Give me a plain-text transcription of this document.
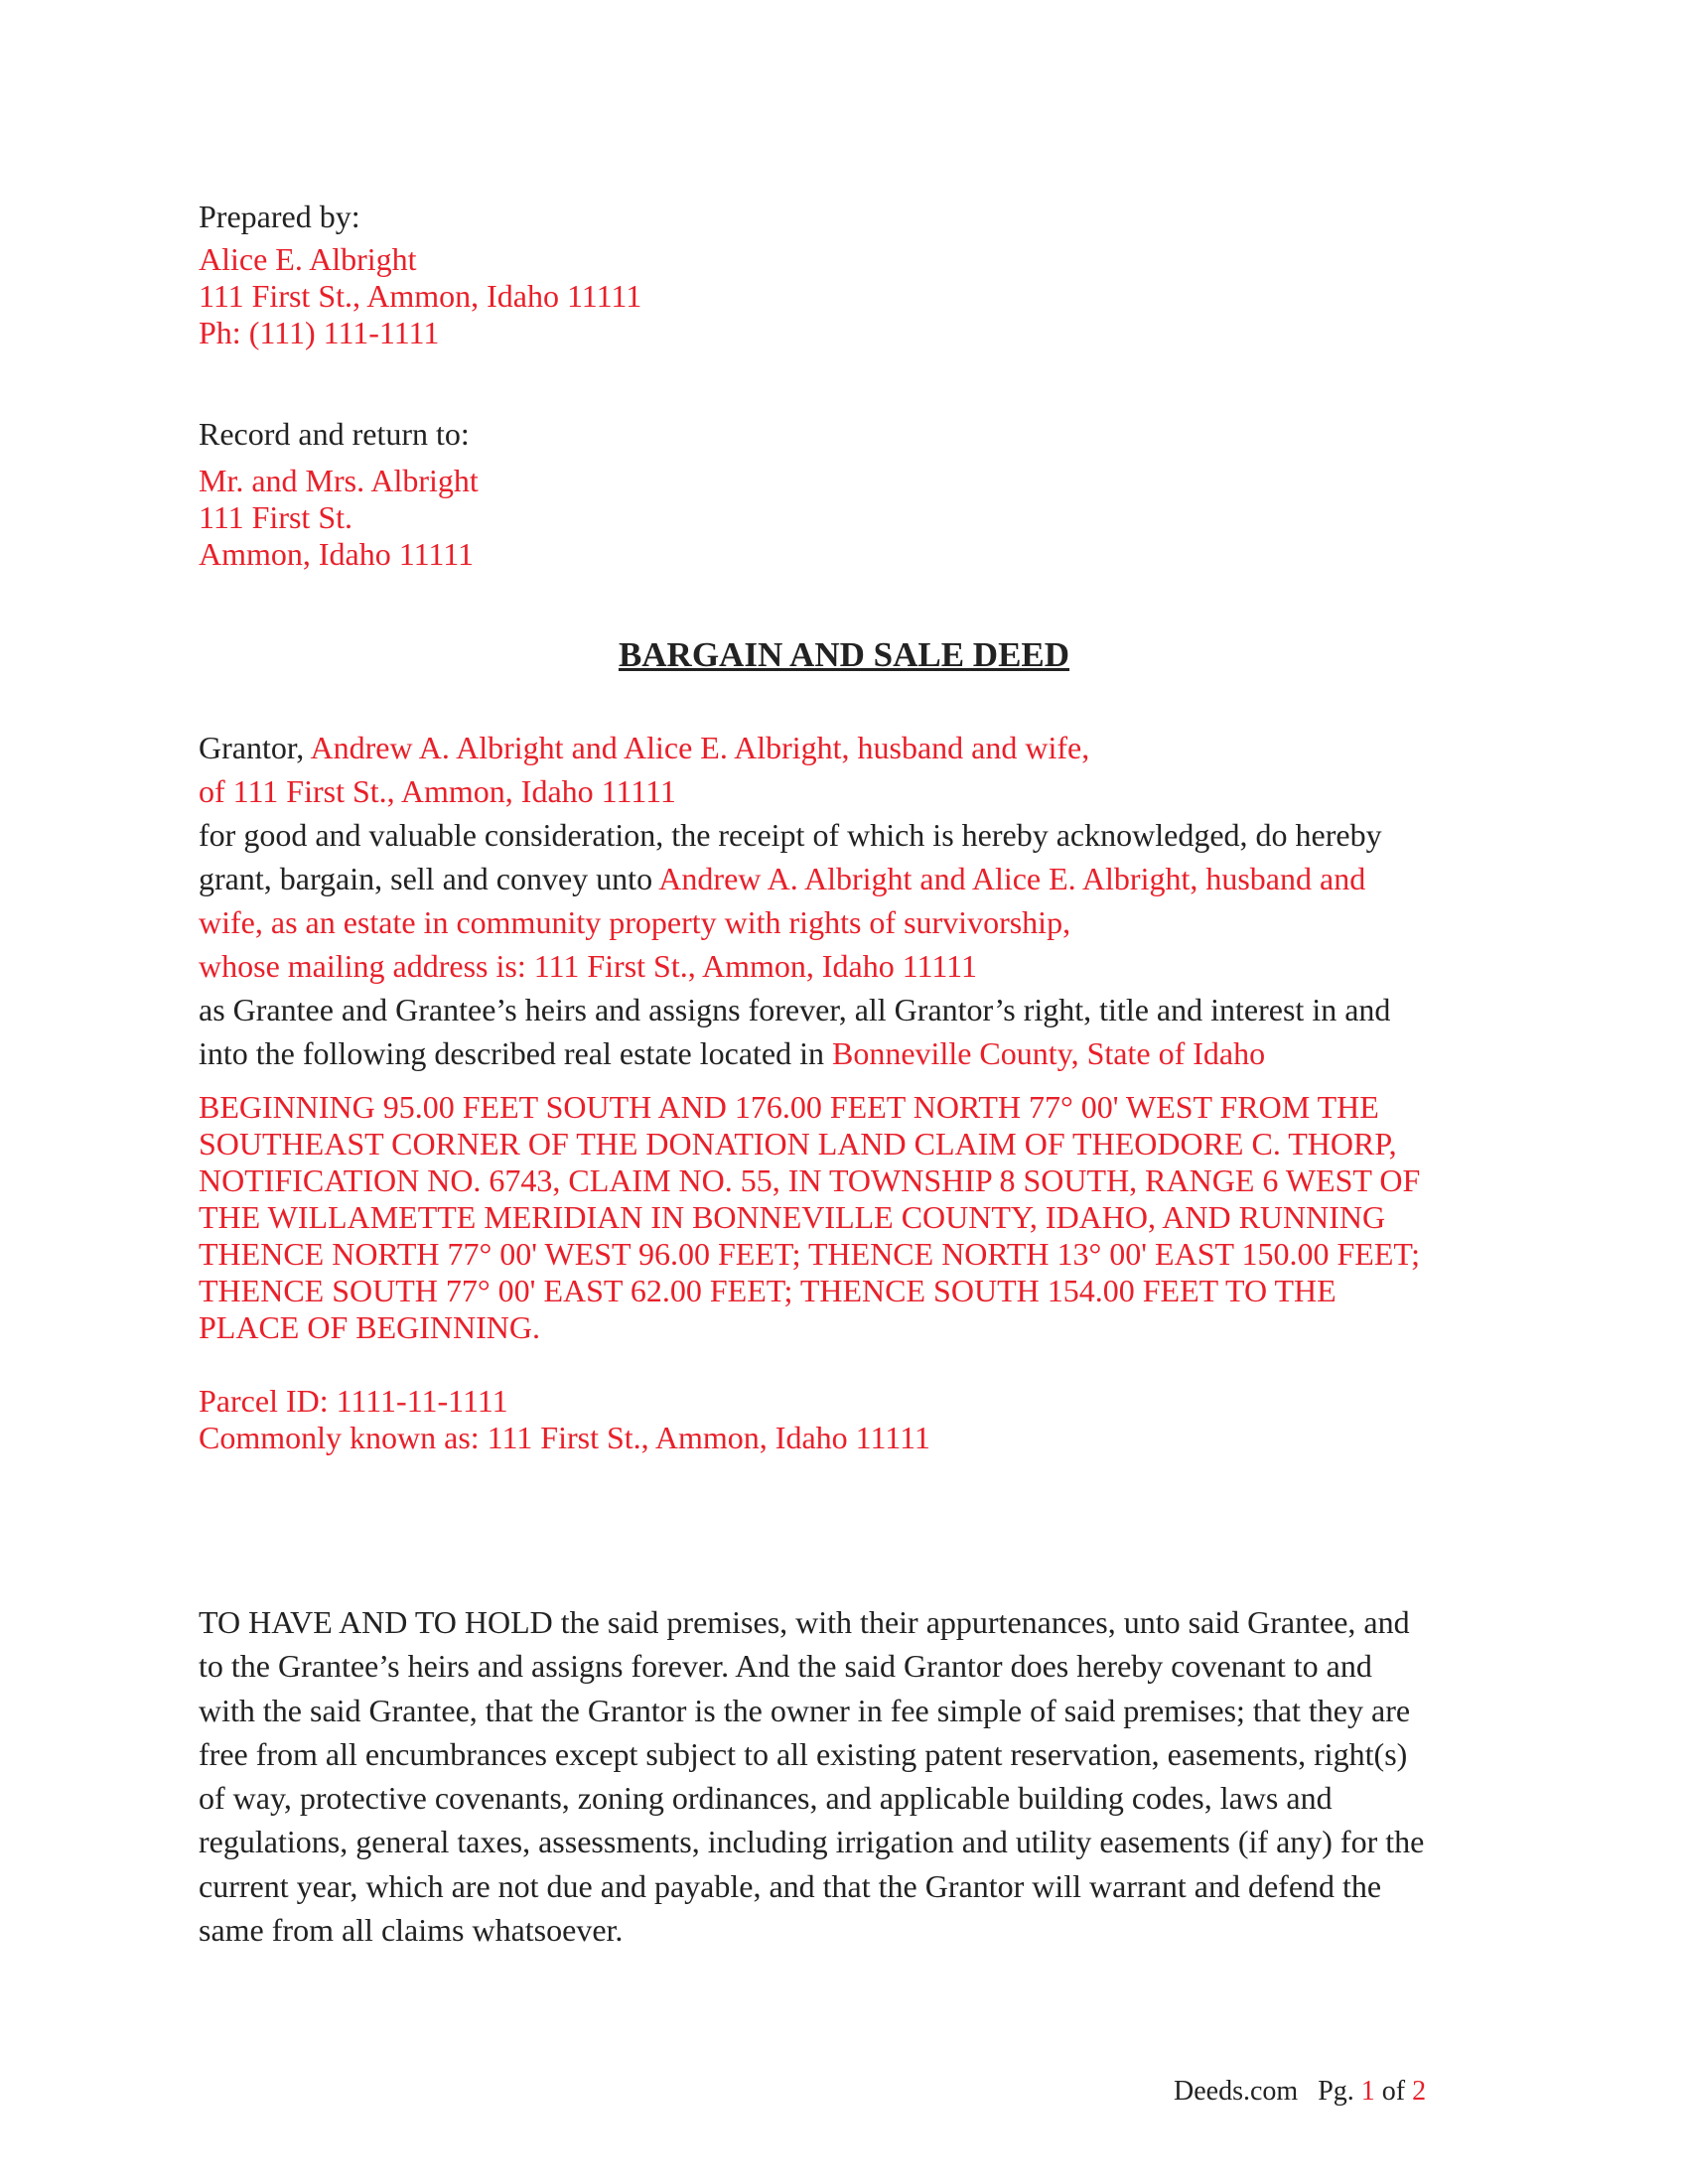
Prepared by:
Alice E. Albright
111 First St., Ammon, Idaho 11111
Ph: (111) 111-1111
Record and return to:
Mr. and Mrs. Albright
111 First St.
Ammon, Idaho 11111
BARGAIN AND SALE DEED
Grantor, Andrew A. Albright and Alice E. Albright, husband and wife,
of 111 First St., Ammon, Idaho 11111
for good and valuable consideration, the receipt of which is hereby acknowledged, do hereby
grant, bargain, sell and convey unto Andrew A. Albright and Alice E. Albright, husband and
wife, as an estate in community property with rights of survivorship,
whose mailing address is: 111 First St., Ammon, Idaho 11111
as Grantee and Grantee’s heirs and assigns forever, all Grantor’s right, title and interest in and
into the following described real estate located in Bonneville County, State of Idaho
BEGINNING 95.00 FEET SOUTH AND 176.00 FEET NORTH 77° 00' WEST FROM THE
SOUTHEAST CORNER OF THE DONATION LAND CLAIM OF THEODORE C. THORP,
NOTIFICATION NO. 6743, CLAIM NO. 55, IN TOWNSHIP 8 SOUTH, RANGE 6 WEST OF
THE WILLAMETTE MERIDIAN IN BONNEVILLE COUNTY, IDAHO, AND RUNNING
THENCE NORTH 77° 00' WEST 96.00 FEET; THENCE NORTH 13° 00' EAST 150.00 FEET;
THENCE SOUTH 77° 00' EAST 62.00 FEET; THENCE SOUTH 154.00 FEET TO THE
PLACE OF BEGINNING.
Parcel ID: 1111-11-1111
Commonly known as: 111 First St., Ammon, Idaho 11111
TO HAVE AND TO HOLD the said premises, with their appurtenances, unto said Grantee, and
to the Grantee’s heirs and assigns forever. And the said Grantor does hereby covenant to and
with the said Grantee, that the Grantor is the owner in fee simple of said premises; that they are
free from all encumbrances except subject to all existing patent reservation, easements, right(s)
of way, protective covenants, zoning ordinances, and applicable building codes, laws and
regulations, general taxes, assessments, including irrigation and utility easements (if any) for the
current year, which are not due and payable, and that the Grantor will warrant and defend the
same from all claims whatsoever.
Deeds.com Pg. 1 of 2
